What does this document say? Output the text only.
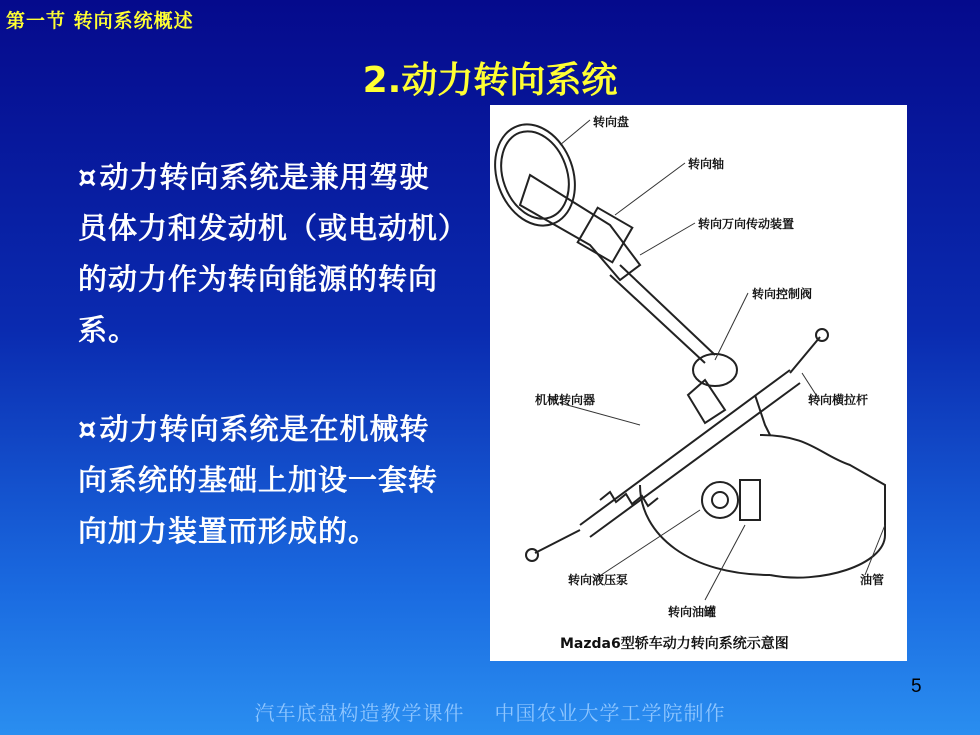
第一节 转向系统概述
2.动力转向系统
¤动力转向系统是兼用驾驶员体力和发动机（或电动机）的动力作为转向能源的转向系。
¤动力转向系统是在机械转向系统的基础上加设一套转向加力装置而形成的。
转向盘
转向轴
转向万向传动装置
转向控制阀
机械转向器	转向横拉杆
转向液压泵	油管
转向油罐
Mazda6型轿车动力转向系统示意图
5
汽车底盘构造教学课件 中国农业大学工学院制作
